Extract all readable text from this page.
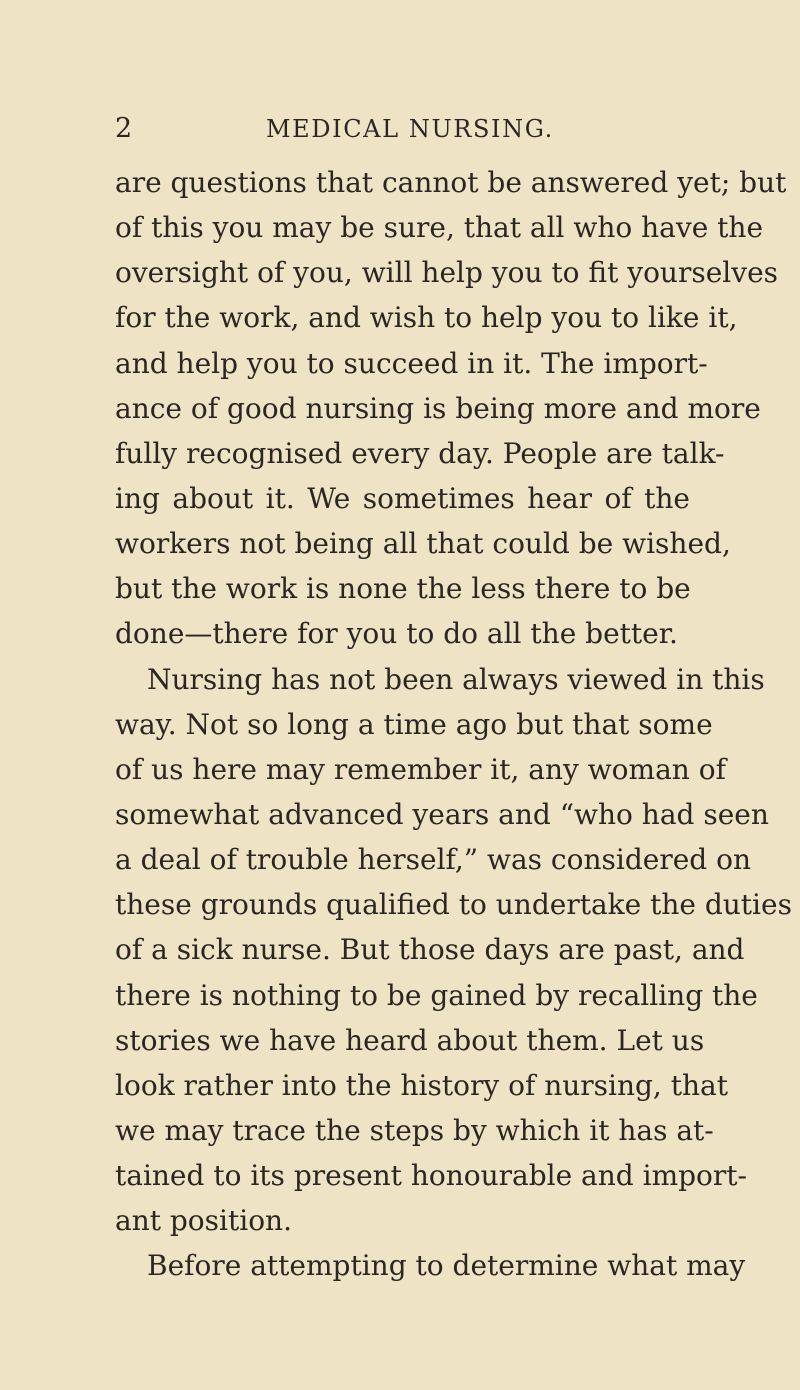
2	MEDICAL NURSING.
are questions that cannot be answered yet; but
of this you may be sure, that all who have the
oversight of you, will help you to fit yourselves
for the work, and wish to help you to like it,
and help you to succeed in it. The import-
ance of good nursing is being more and more
fully recognised every day. People are talk-
ing about it. We sometimes hear of the
workers not being all that could be wished,
but the work is none the less there to be
done—there for you to do all the better.
Nursing has not been always viewed in this
way. Not so long a time ago but that some
of us here may remember it, any woman of
somewhat advanced years and “who had seen
a deal of trouble herself,” was considered on
these grounds qualified to undertake the duties
of a sick nurse. But those days are past, and
there is nothing to be gained by recalling the
stories we have heard about them. Let us
look rather into the history of nursing, that
we may trace the steps by which it has at-
tained to its present honourable and import-
ant position.
Before attempting to determine what may
